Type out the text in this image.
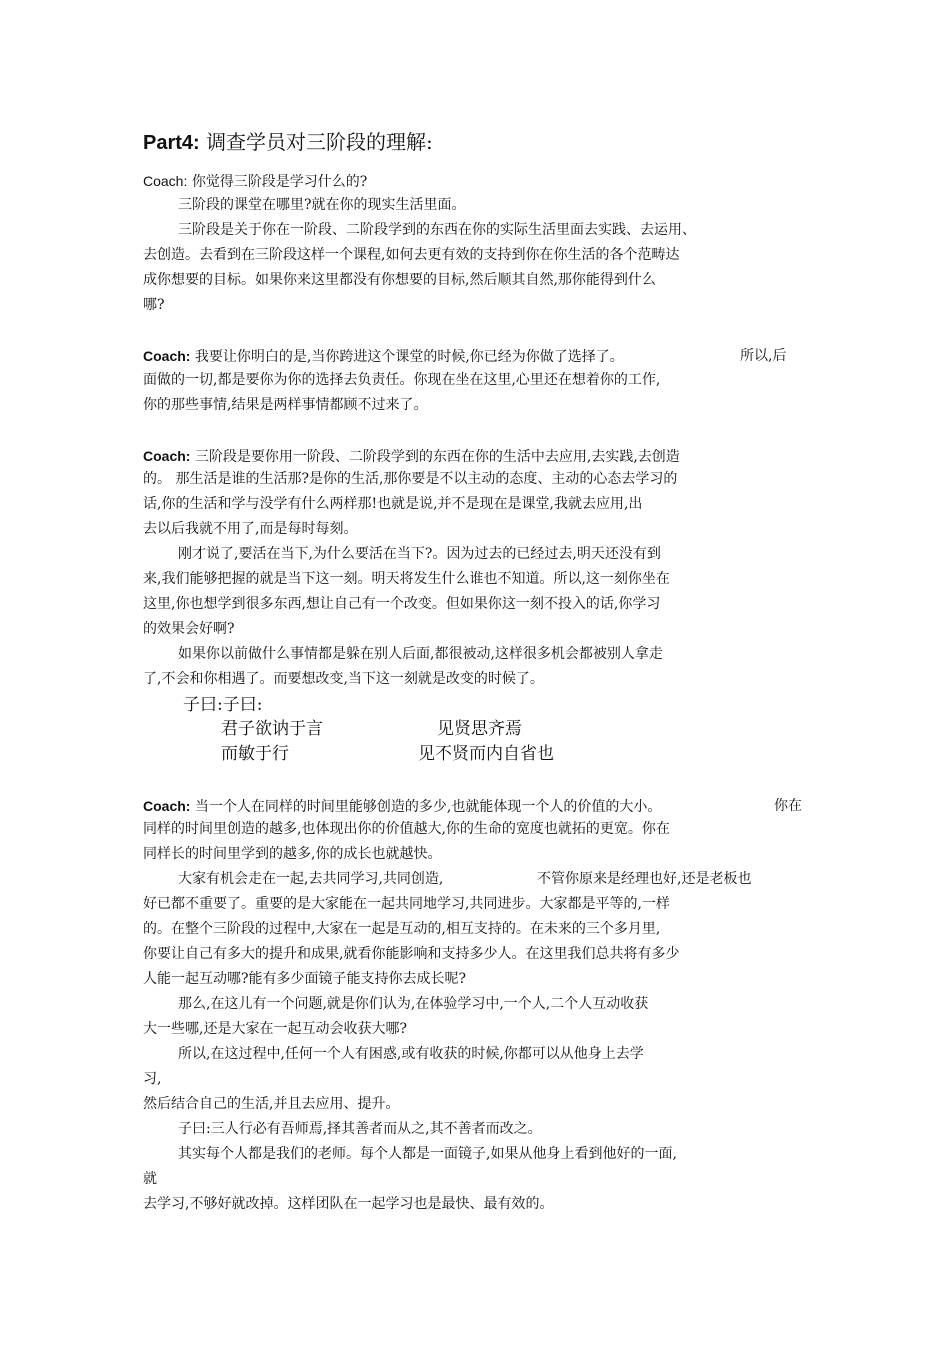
Part4: 调查学员对三阶段的理解:
Coach: 你觉得三阶段是学习什么的?
三阶段的课堂在哪里?就在你的现实生活里面。
三阶段是关于你在一阶段、二阶段学到的东西在你的实际生活里面去实践、去运用、
去创造。去看到在三阶段这样一个课程,如何去更有效的支持到你在你生活的各个范畴达
成你想要的目标。如果你来这里都没有你想要的目标,然后顺其自然,那你能得到什么
哪?
Coach: 我要让你明白的是,当你跨进这个课堂的时候,你已经为你做了选择了。	所以,后
面做的一切,都是要你为你的选择去负责任。你现在坐在这里,心里还在想着你的工作,
你的那些事情,结果是两样事情都顾不过来了。
Coach: 三阶段是要你用一阶段、二阶段学到的东西在你的生活中去应用,去实践,去创造
的。 那生活是谁的生活那?是你的生活,那你要是不以主动的态度、主动的心态去学习的
话,你的生活和学与没学有什么两样那!也就是说,并不是现在是课堂,我就去应用,出
去以后我就不用了,而是每时每刻。
刚才说了,要活在当下,为什么要活在当下?。因为过去的已经过去,明天还没有到
来,我们能够把握的就是当下这一刻。明天将发生什么谁也不知道。所以,这一刻你坐在
这里,你也想学到很多东西,想让自己有一个改变。但如果你这一刻不投入的话,你学习
的效果会好啊?
如果你以前做什么事情都是躲在别人后面,都很被动,这样很多机会都被别人拿走
了,不会和你相遇了。而要想改变,当下这一刻就是改变的时候了。
子曰:子曰:
君子欲讷于言	见贤思齐焉
而敏于行	见不贤而内自省也
Coach: 当一个人在同样的时间里能够创造的多少,也就能体现一个人的价值的大小。	你在
同样的时间里创造的越多,也体现出你的价值越大,你的生命的宽度也就拓的更宽。你在
同样长的时间里学到的越多,你的成长也就越快。
大家有机会走在一起,去共同学习,共同创造,	不管你原来是经理也好,还是老板也
好已都不重要了。重要的是大家能在一起共同地学习,共同进步。大家都是平等的,一样
的。在整个三阶段的过程中,大家在一起是互动的,相互支持的。在未来的三个多月里,
你要让自己有多大的提升和成果,就看你能影响和支持多少人。在这里我们总共将有多少
人能一起互动哪?能有多少面镜子能支持你去成长呢?
那么,在这儿有一个问题,就是你们认为,在体验学习中,一个人,二个人互动收获
大一些哪,还是大家在一起互动会收获大哪?
所以,在这过程中,任何一个人有困惑,或有收获的时候,你都可以从他身上去学
习,
然后结合自己的生活,并且去应用、提升。
子曰:三人行必有吾师焉,择其善者而从之,其不善者而改之。
其实每个人都是我们的老师。每个人都是一面镜子,如果从他身上看到他好的一面,
就
去学习,不够好就改掉。这样团队在一起学习也是最快、最有效的。
